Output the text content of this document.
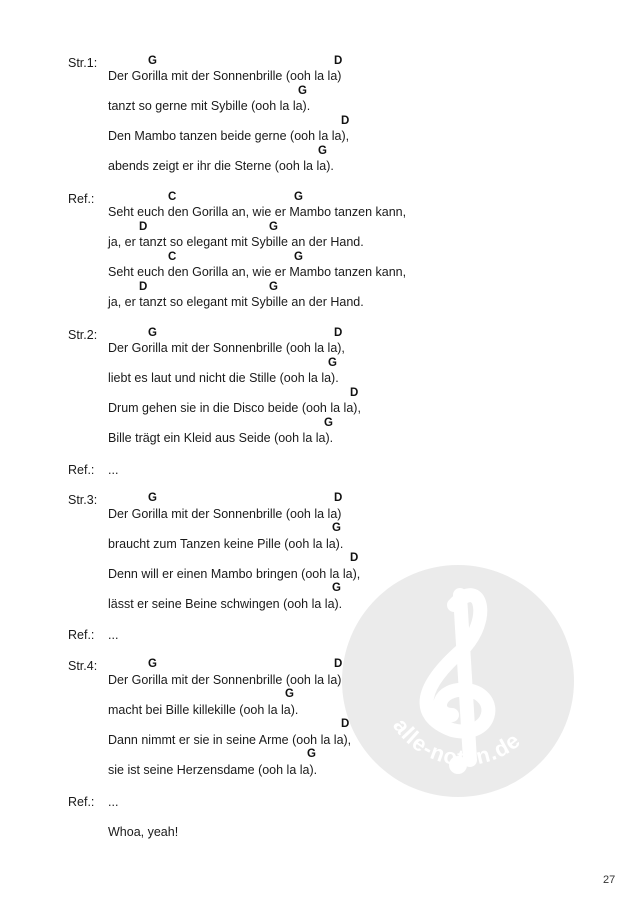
alle-noten.de
Str.1:	G	D
Der Gorilla mit der Sonnenbrille (ooh la la)
G
tanzt so gerne mit Sybille (ooh la la).
D
Den Mambo tanzen beide gerne (ooh la la),
G
abends zeigt er ihr die Sterne (ooh la la).
Ref.:	C	G
Seht euch den Gorilla an, wie er Mambo tanzen kann,
D	G
ja, er tanzt so elegant mit Sybille an der Hand.
C	G
Seht euch den Gorilla an, wie er Mambo tanzen kann,
D	G
ja, er tanzt so elegant mit Sybille an der Hand.
Str.2:	G	D
Der Gorilla mit der Sonnenbrille (ooh la la),
G
liebt es laut und nicht die Stille (ooh la la).
D
Drum gehen sie in die Disco beide (ooh la la),
G
Bille trägt ein Kleid aus Seide (ooh la la).
Ref.: ...
Str.3:	G	D
Der Gorilla mit der Sonnenbrille (ooh la la)
G
braucht zum Tanzen keine Pille (ooh la la).
D
Denn will er einen Mambo bringen (ooh la la),
G
lässt er seine Beine schwingen (ooh la la).
Ref.: ...
Str.4:	G	D
Der Gorilla mit der Sonnenbrille (ooh la la)
G
macht bei Bille killekille (ooh la la).
D
Dann nimmt er sie in seine Arme (ooh la la),
G
sie ist seine Herzensdame (ooh la la).
Ref.: ...
Whoa, yeah!
27
